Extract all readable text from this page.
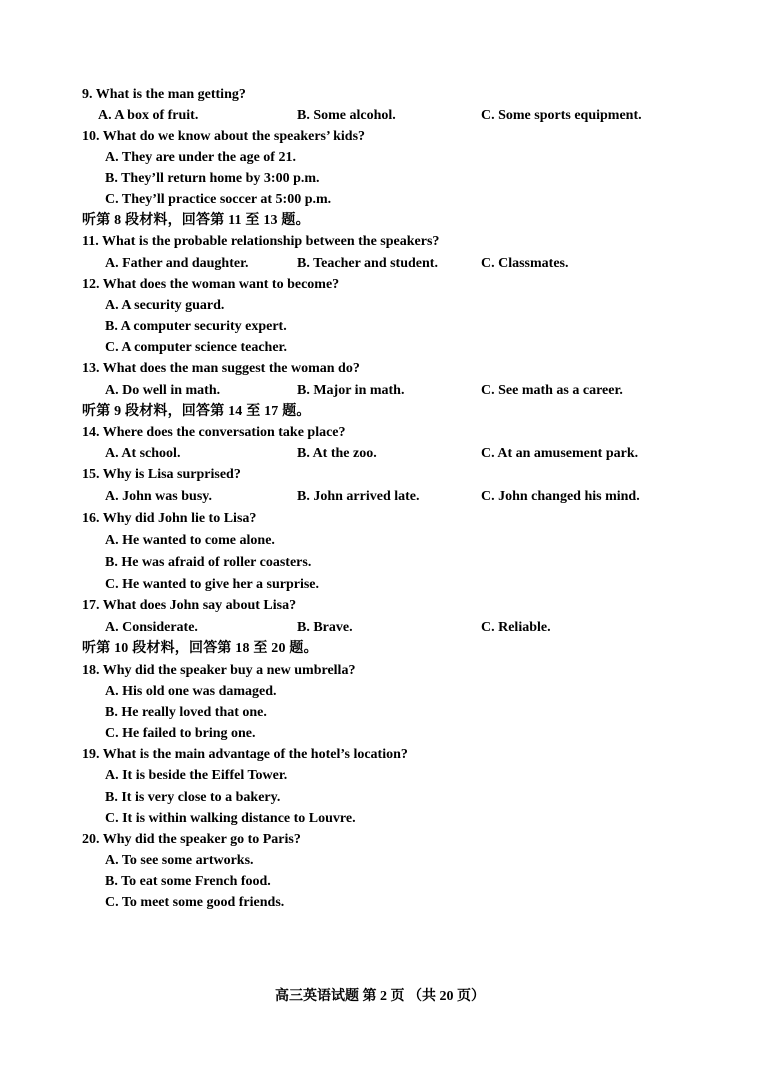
9. What is the man getting?
A. A box of fruit.	B. Some alcohol.	C. Some sports equipment.
10. What do we know about the speakers’ kids?
A. They are under the age of 21.
B. They’ll return home by 3:00 p.m.
C. They’ll practice soccer at 5:00 p.m.
听第 8 段材料，回答第 11 至 13 题。
11. What is the probable relationship between the speakers?
A. Father and daughter.	B. Teacher and student.	C. Classmates.
12. What does the woman want to become?
A. A security guard.
B. A computer security expert.
C. A computer science teacher.
13. What does the man suggest the woman do?
A. Do well in math.	B. Major in math.	C. See math as a career.
听第 9 段材料，回答第 14 至 17 题。
14. Where does the conversation take place?
A. At school.	B. At the zoo.	C. At an amusement park.
15. Why is Lisa surprised?
A. John was busy.	B. John arrived late.	C. John changed his mind.
16. Why did John lie to Lisa?
A. He wanted to come alone.
B. He was afraid of roller coasters.
C. He wanted to give her a surprise.
17. What does John say about Lisa?
A. Considerate.	B. Brave.	C. Reliable.
听第 10 段材料，回答第 18 至 20 题。
18. Why did the speaker buy a new umbrella?
A. His old one was damaged.
B. He really loved that one.
C. He failed to bring one.
19. What is the main advantage of the hotel’s location?
A. It is beside the Eiffel Tower.
B. It is very close to a bakery.
C. It is within walking distance to Louvre.
20. Why did the speaker go to Paris?
A. To see some artworks.
B. To eat some French food.
C. To meet some good friends.
高三英语试题 第 2 页 （共 20 页）
